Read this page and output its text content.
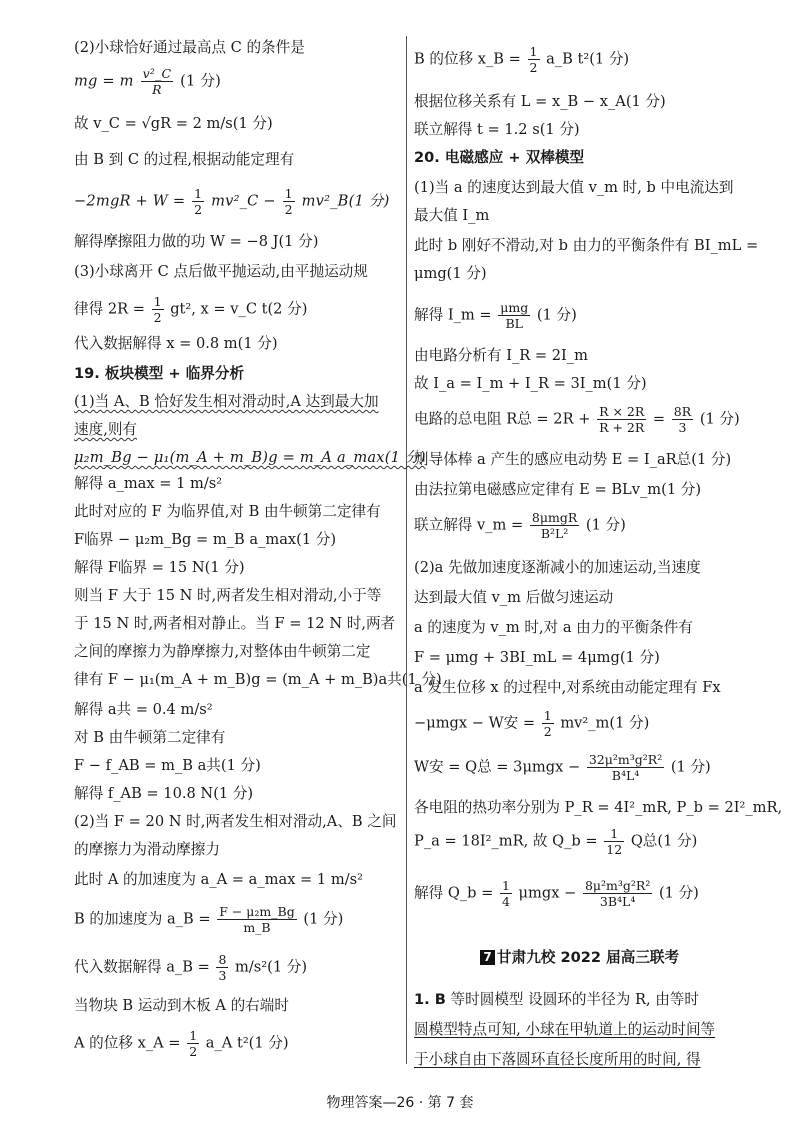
(2)小球恰好通过最高点 C 的条件是
mg = m $\frac{\text{v²\_C}}{R} (1$ 分)
故 v_C = √gR = 2 m/s(1 分)
由 B 到 C 的过程,根据动能定理有
$-2mgR + W = \frac{1}{2}$ mv²_C − $\frac{1}{2}$ mv²_B(1 分)
解得摩擦阻力做的功 W = −8 J(1 分)
(3)小球离开 C 点后做平抛运动,由平抛运动规
律得 $2R = \frac{1}{2} gt^2$, x = v_C t(2 分)
代入数据解得 x = 0.8 m(1 分)
19. 板块模型 + 临界分析
(1)当 A、B 恰好发生相对滑动时,A 达到最大加
速度,则有
μ₂m_Bg − μ₁(m_A + m_B)g = m_A a_max(1 分)
解得 a_max = 1 m/s²
此时对应的 F 为临界值,对 B 由牛顿第二定律有
F临界 − μ₂m_Bg = m_B a_max(1 分)
解得 F临界 = 15 N(1 分)
则当 F 大于 15 N 时,两者发生相对滑动,小于等
于 15 N 时,两者相对静止。当 F = 12 N 时,两者
之间的摩擦力为静摩擦力,对整体由牛顿第二定
律有 F − μ₁(m_A + m_B)g = (m_A + m_B)a共(1 分)
解得 a共 = 0.4 m/s²
对 B 由牛顿第二定律有
F − f_AB = m_B a共(1 分)
解得 f_AB = 10.8 N(1 分)
(2)当 F = 20 N 时,两者发生相对滑动,A、B 之间
的摩擦力为滑动摩擦力
此时 A 的加速度为 a_A = a_max = 1 m/s²
B 的加速度为 a_B = $\frac{\text{F − μ₂m\_Bg}}{m\_B} (1$ 分)
代入数据解得 a_B = $\frac{8}{3} m/s^2(1$ 分)
当物块 B 运动到木板 A 的右端时
A 的位移 x_A = $\frac{1}{2}$ a_A t²(1 分)
B 的位移 x_B = $\frac{1}{2}$ a_B t²(1 分)
根据位移关系有 L = x_B − x_A(1 分)
联立解得 t = 1.2 s(1 分)
20. 电磁感应 + 双棒模型
(1)当 a 的速度达到最大值 v_m 时, b 中电流达到
最大值 I_m
此时 b 刚好不滑动,对 b 由力的平衡条件有 BI_mL =
μmg(1 分)
解得 I_m = $\frac{\text{μmg}}{BL} (1$ 分)
由电路分析有 I_R = 2I_m
故 I_a = I_m + I_R = 3I_m(1 分)
电路的总电阻 R总 = $2R + \frac{R \times 2R}{R + 2R} = \frac{8R}{3} (1$ 分)
则导体棒 a 产生的感应电动势 E = I_aR总(1 分)
由法拉第电磁感应定律有 E = BLv_m(1 分)
联立解得 v_m = $\frac{\text{8μmgR}}{\text{B²L²}} (1$ 分)
(2)a 先做加速度逐渐减小的加速运动,当速度
达到最大值 v_m 后做匀速运动
a 的速度为 v_m 时,对 a 由力的平衡条件有
F = μmg + 3BI_mL = 4μmg(1 分)
a 发生位移 x 的过程中,对系统由动能定理有 Fx
−μmgx − W安 = $\frac{1}{2}$ mv²_m(1 分)
W安 = Q总 = $3\mu mgx - \frac{\text{32μ²m³g²R²}}{\text{B⁴L⁴}} (1$ 分)
各电阻的热功率分别为 P_R = 4I²_mR, P_b = 2I²_mR,
P_a = 18I²_mR, 故 Q_b = $\frac{1}{12}$ Q总(1 分)
解得 Q_b = $\frac{1}{4}$ $\mu mgx - \frac{\text{8μ²m³g²R²}}{\text{3B⁴L⁴}} (1$ 分)
7 甘肃九校 2022 届高三联考
1. B 等时圆模型 设圆环的半径为 R, 由等时
圆模型特点可知, 小球在甲轨道上的运动时间等
于小球自由下落圆环直径长度所用的时间, 得
物理答案—26 · 第 7 套
